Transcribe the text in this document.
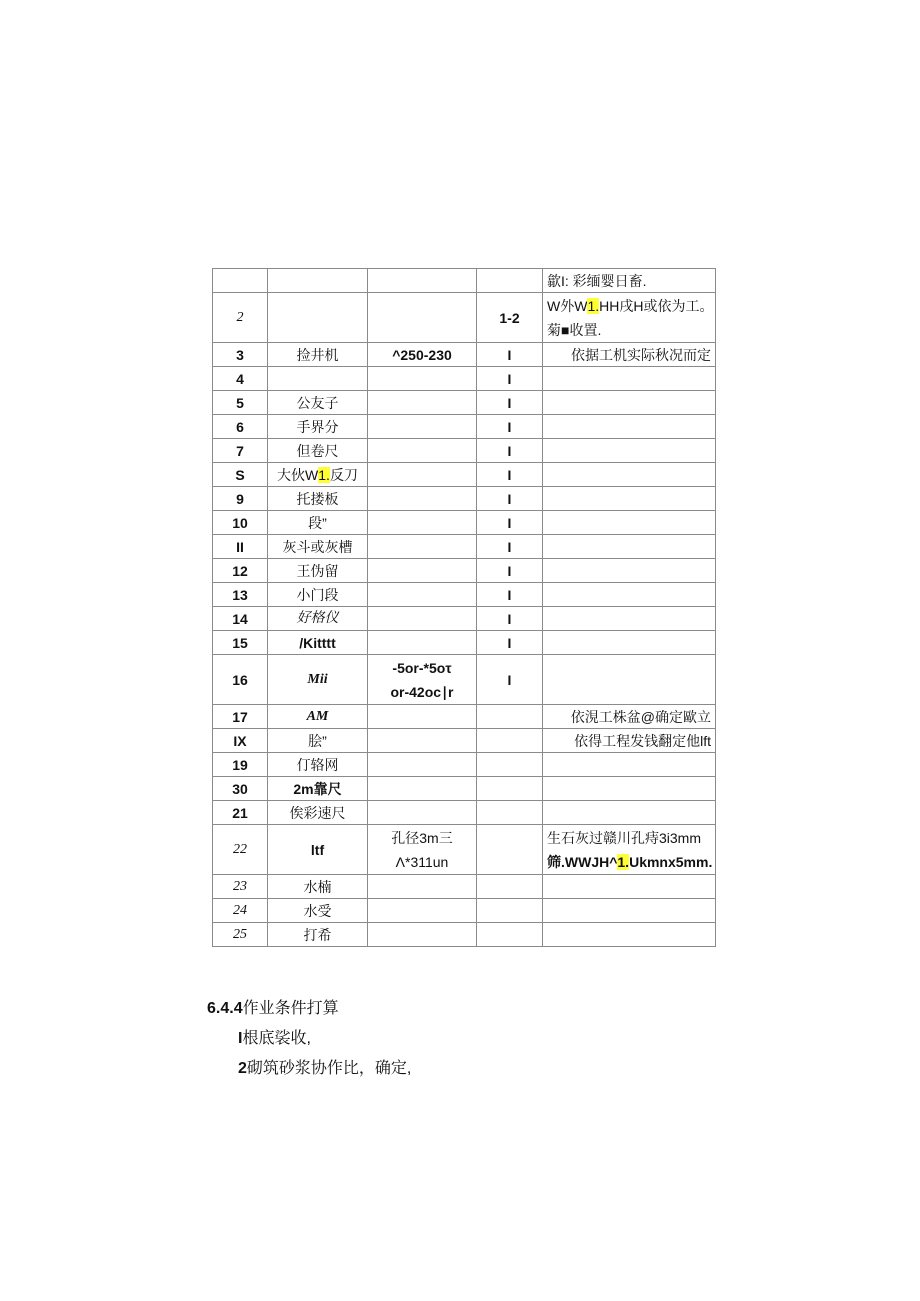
				歙I: 彩缅婴日畜.
2			1-2	W外W1.HH戌H或依为工。
菊■收置.

3	捡井机	^250-230	I	依据工机实际秋况而定
4			I	
5	公友子		I	
6	手界分		I	
7	但卷尺		I	
S	大伙W1.反刀		I	
9	托搂板		I	
10	段”		I	
II	灰斗或灰槽		I	
12	王伪留		I	
13	小门段		I	
14	好格仪		I	
15	/Kitttt		I	
16	Mii	-5or-*5oτ
or-42oc∣r	I	
17	AM			依涀工株盆@确定歐立
IX	脍”			依得工程发钱翻定他lft
19	仃辂网			
30	2m靠尺			
21	俟彩速尺			
22	ltf	孔径3m三
Λ*311un		生石灰过赣川孔痔3i3mm
筛.WWJH^1.Ukmnx5mm.

23	水楠			
24	水受			
25	打希			
6.4.4作业条件打算
I根底裟收,
2砌筑砂浆协作比，确定,
